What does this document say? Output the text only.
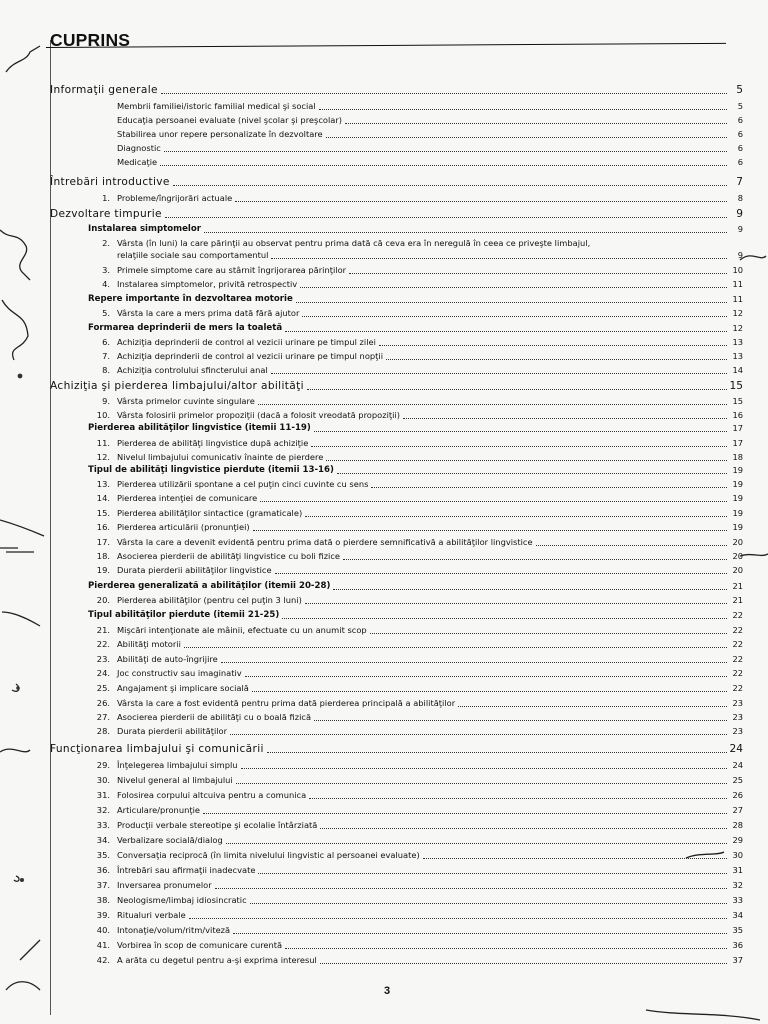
CUPRINS
Informaţii generale	5
Membrii familiei/istoric familial medical şi social	5
Educaţia persoanei evaluate (nivel şcolar şi preşcolar)	6
Stabilirea unor repere personalizate în dezvoltare	6
Diagnostic	6
Medicaţie	6
Întrebări introductive	7
1. Probleme/îngrijorări actuale	8
Dezvoltare timpurie	9
Instalarea simptomelor	9
2. Vârsta (în luni) la care părinţii au observat pentru prima dată că ceva era în neregulă în ceea ce priveşte limbajul,
relaţiile sociale sau comportamentul	9
3. Primele simptome care au stârnit îngrijorarea părinţilor	10
4. Instalarea simptomelor, privită retrospectiv	11
Repere importante în dezvoltarea motorie	11
5. Vârsta la care a mers prima dată fără ajutor	12
Formarea deprinderii de mers la toaletă	12
6. Achiziţia deprinderii de control al vezicii urinare pe timpul zilei	13
7. Achiziţia deprinderii de control al vezicii urinare pe timpul nopţii	13
8. Achiziţia controlului sfincterului anal	14
Achiziţia şi pierderea limbajului/altor abilităţi	15
9. Vârsta primelor cuvinte singulare	15
10. Vârsta folosirii primelor propoziţii (dacă a folosit vreodată propoziţii)	16
Pierderea abilităţilor lingvistice (itemii 11-19)	17
11. Pierderea de abilităţi lingvistice după achiziţie	17
12. Nivelul limbajului comunicativ înainte de pierdere	18
Tipul de abilităţi lingvistice pierdute (itemii 13-16)	19
13. Pierderea utilizării spontane a cel puţin cinci cuvinte cu sens	19
14. Pierderea intenţiei de comunicare	19
15. Pierderea abilităţilor sintactice (gramaticale)	19
16. Pierderea articulării (pronunţiei)	19
17. Vârsta la care a devenit evidentă pentru prima dată o pierdere semnificativă a abilităţilor lingvistice	20
18. Asocierea pierderii de abilităţi lingvistice cu boli fizice	20
19. Durata pierderii abilităţilor lingvistice	20
Pierderea generalizată a abilităţilor (itemii 20-28)	21
20. Pierderea abilităţilor (pentru cel puţin 3 luni)	21
Tipul abilităţilor pierdute (itemii 21-25)	22
21. Mişcări intenţionate ale mâinii, efectuate cu un anumit scop	22
22. Abilităţi motorii	22
23. Abilităţi de auto-îngrijire	22
24. Joc constructiv sau imaginativ	22
25. Angajament şi implicare socială	22
26. Vârsta la care a fost evidentă pentru prima dată pierderea principală a abilităţilor	23
27. Asocierea pierderii de abilităţi cu o boală fizică	23
28. Durata pierderii abilităţilor	23
Funcţionarea limbajului şi comunicării	24
29. Înţelegerea limbajului simplu	24
30. Nivelul general al limbajului	25
31. Folosirea corpului altcuiva pentru a comunica	26
32. Articulare/pronunţie	27
33. Producţii verbale stereotipe şi ecolalie întârziată	28
34. Verbalizare socială/dialog	29
35. Conversaţia reciprocă (în limita nivelului lingvistic al persoanei evaluate)	30
36. Întrebări sau afirmaţii inadecvate	31
37. Inversarea pronumelor	32
38. Neologisme/limbaj idiosincratic	33
39. Ritualuri verbale	34
40. Intonaţie/volum/ritm/viteză	35
41. Vorbirea în scop de comunicare curentă	36
42. A arăta cu degetul pentru a-şi exprima interesul	37
3
